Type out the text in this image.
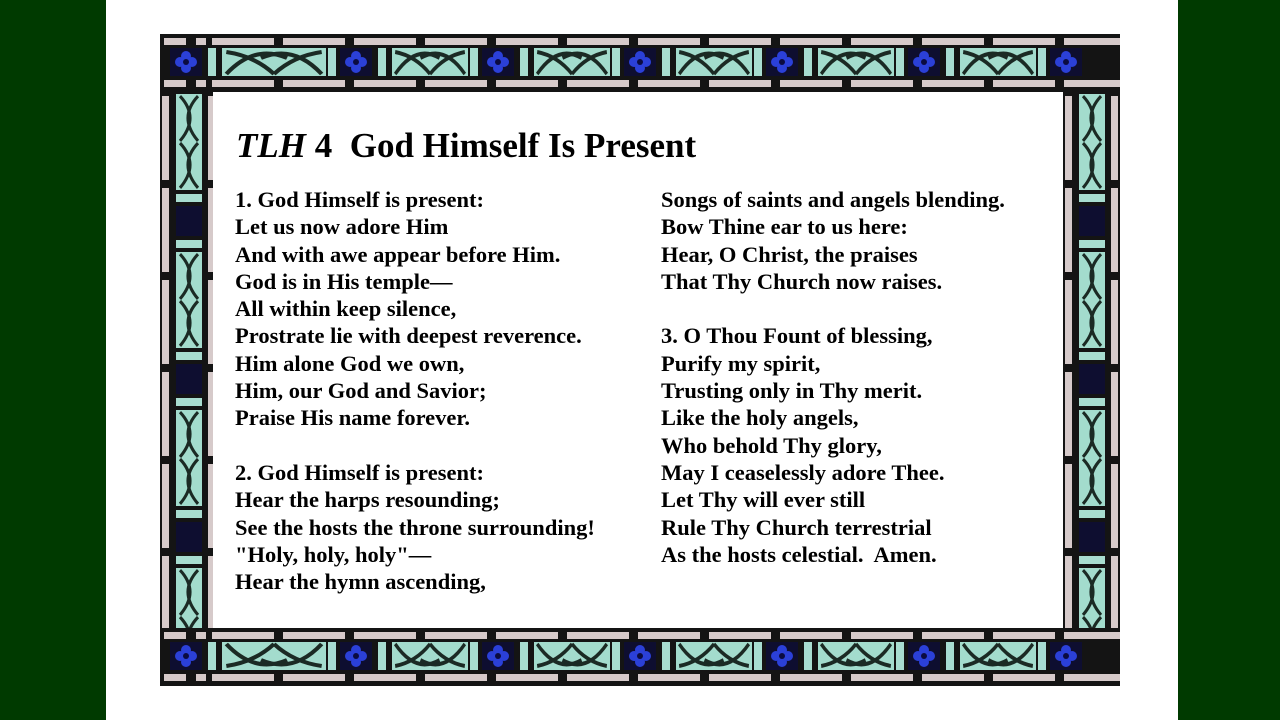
TLH 4 God Himself Is Present
1. God Himself is present:
Let us now adore Him
And with awe appear before Him.
God is in His temple—
All within keep silence,
Prostrate lie with deepest reverence.
Him alone God we own,
Him, our God and Savior;
Praise His name forever.
2. God Himself is present:
Hear the harps resounding;
See the hosts the throne surrounding!
"Holy, holy, holy"—
Hear the hymn ascending,
Songs of saints and angels blending.
Bow Thine ear to us here:
Hear, O Christ, the praises
That Thy Church now raises.
3. O Thou Fount of blessing,
Purify my spirit,
Trusting only in Thy merit.
Like the holy angels,
Who behold Thy glory,
May I ceaselessly adore Thee.
Let Thy will ever still
Rule Thy Church terrestrial
As the hosts celestial.  Amen.
